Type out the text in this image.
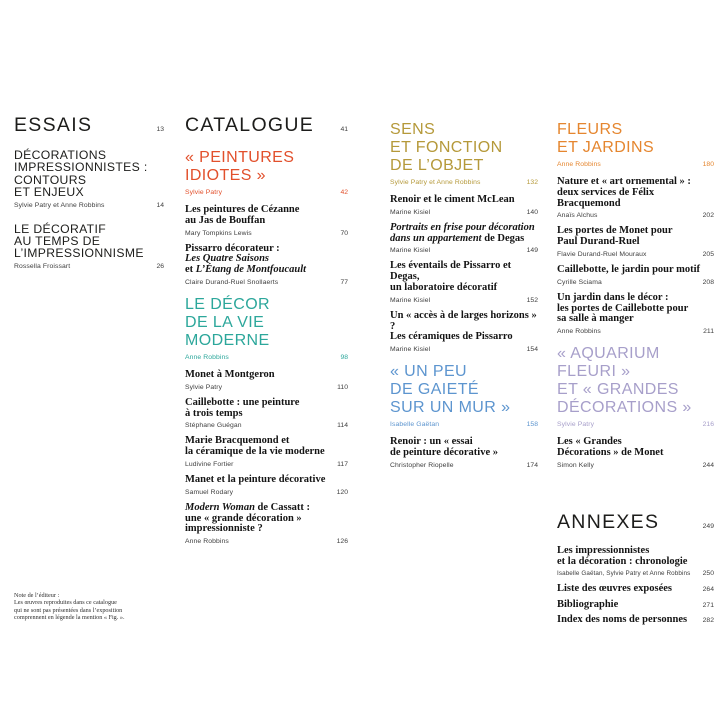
ESSAIS	13
DÉCORATIONS
IMPRESSIONNISTES :
CONTOURS
ET ENJEUX
Sylvie Patry et Anne Robbins	14
LE DÉCORATIF
AU TEMPS DE
L’IMPRESSIONNISME
Rossella Froissart	26
CATALOGUE	41
« PEINTURES
IDIOTES »
Sylvie Patry	42
Les peintures de Cézanne
au Jas de Bouffan
Mary Tompkins Lewis	70
Pissarro décorateur :
Les Quatre Saisons
et L’Étang de Montfoucault
Claire Durand-Ruel Snollaerts	77
LE DÉCOR
DE LA VIE
MODERNE
Anne Robbins	98
Monet à Montgeron
Sylvie Patry	110
Caillebotte : une peinture
à trois temps
Stéphane Guégan	114
Marie Bracquemond et
la céramique de la vie moderne
Ludivine Fortier	117
Manet et la peinture décorative
Samuel Rodary	120
Modern Woman de Cassatt :
une « grande décoration »
impressionniste ?
Anne Robbins	126
SENS
ET FONCTION
DE L’OBJET
Sylvie Patry et Anne Robbins	132
Renoir et le ciment McLean
Marine Kisiel	140
Portraits en frise pour décoration
dans un appartement de Degas
Marine Kisiel	149
Les éventails de Pissarro et Degas,
un laboratoire décoratif
Marine Kisiel	152
Un « accès à de larges horizons » ?
Les céramiques de Pissarro
Marine Kisiel	154
« UN PEU
DE GAIETÉ
SUR UN MUR »
Isabelle Gaëtan	158
Renoir : un « essai
de peinture décorative »
Christopher Riopelle	174
FLEURS
ET JARDINS
Anne Robbins	180
Nature et « art ornemental » :
deux services de Félix Bracquemond
Anaïs Alchus	202
Les portes de Monet pour
Paul Durand-Ruel
Flavie Durand-Ruel Mouraux	205
Caillebotte, le jardin pour motif
Cyrille Sciama	208
Un jardin dans le décor :
les portes de Caillebotte pour
sa salle à manger
Anne Robbins	211
« AQUARIUM
FLEURI »
ET « GRANDES
DÉCORATIONS »
Sylvie Patry	216
Les « Grandes
Décorations » de Monet
Simon Kelly	244
ANNEXES	249
Les impressionnistes
et la décoration : chronologie
Isabelle Gaëtan, Sylvie Patry et Anne Robbins 250
Liste des œuvres exposées	264
Bibliographie	271
Index des noms de personnes 282
Note de l’éditeur :
Les œuvres reproduites dans ce catalogue
qui ne sont pas présentées dans l’exposition
comprennent en légende la mention « Fig. ».
